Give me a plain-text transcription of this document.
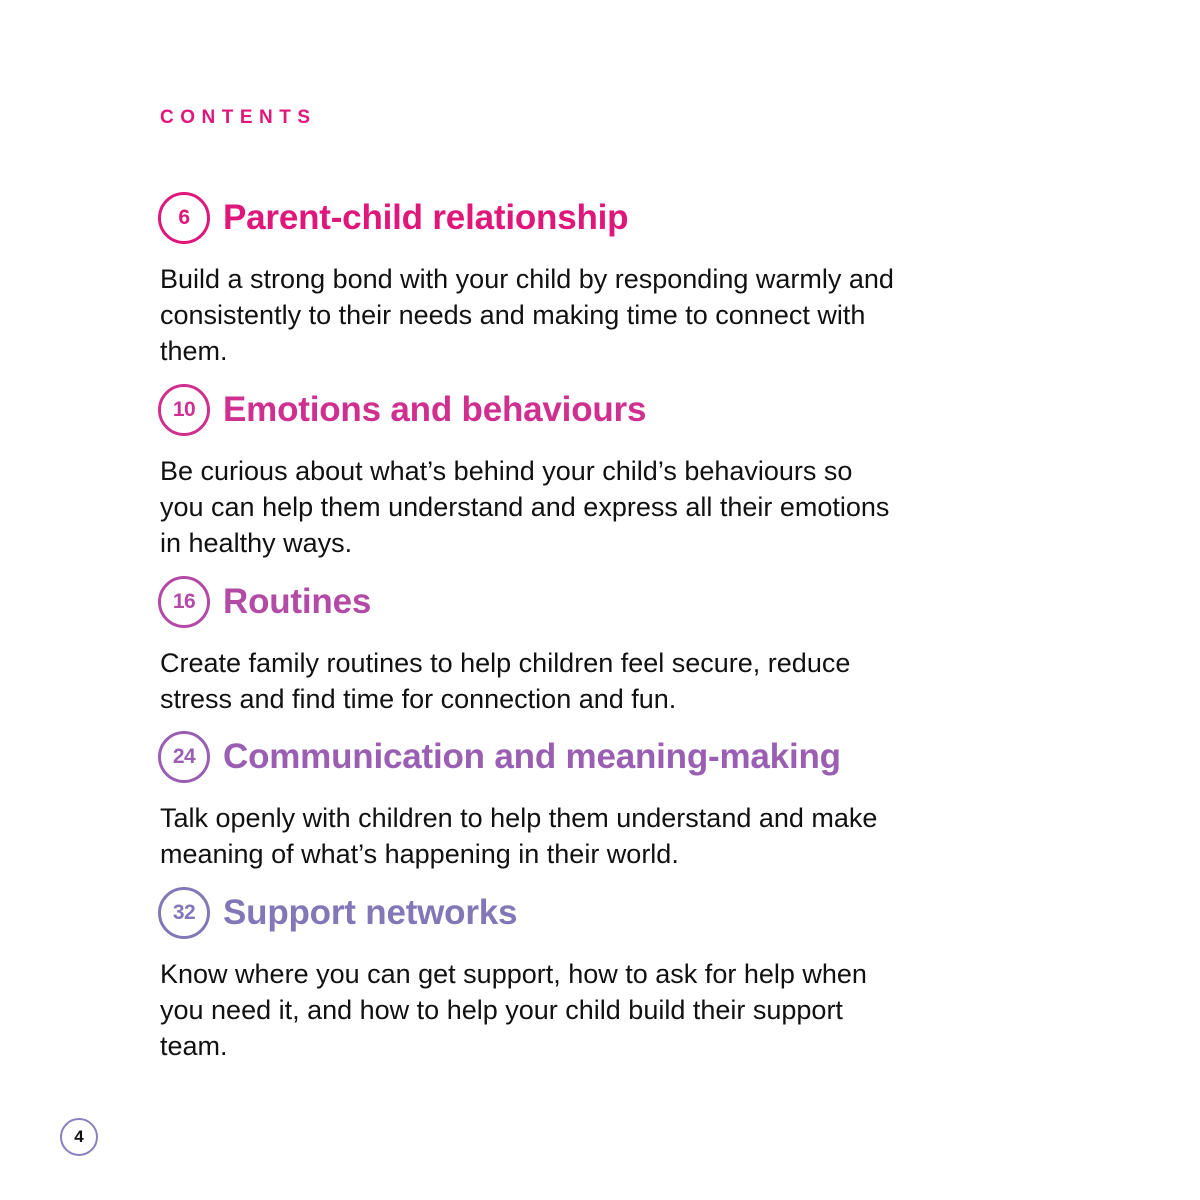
CONTENTS
6 Parent-child relationship
Build a strong bond with your child by responding warmly and consistently to their needs and making time to connect with them.
10 Emotions and behaviours
Be curious about what’s behind your child’s behaviours so you can help them understand and express all their emotions in healthy ways.
16 Routines
Create family routines to help children feel secure, reduce stress and find time for connection and fun.
24 Communication and meaning-making
Talk openly with children to help them understand and make meaning of what’s happening in their world.
32 Support networks
Know where you can get support, how to ask for help when you need it, and how to help your child build their support team.
4
